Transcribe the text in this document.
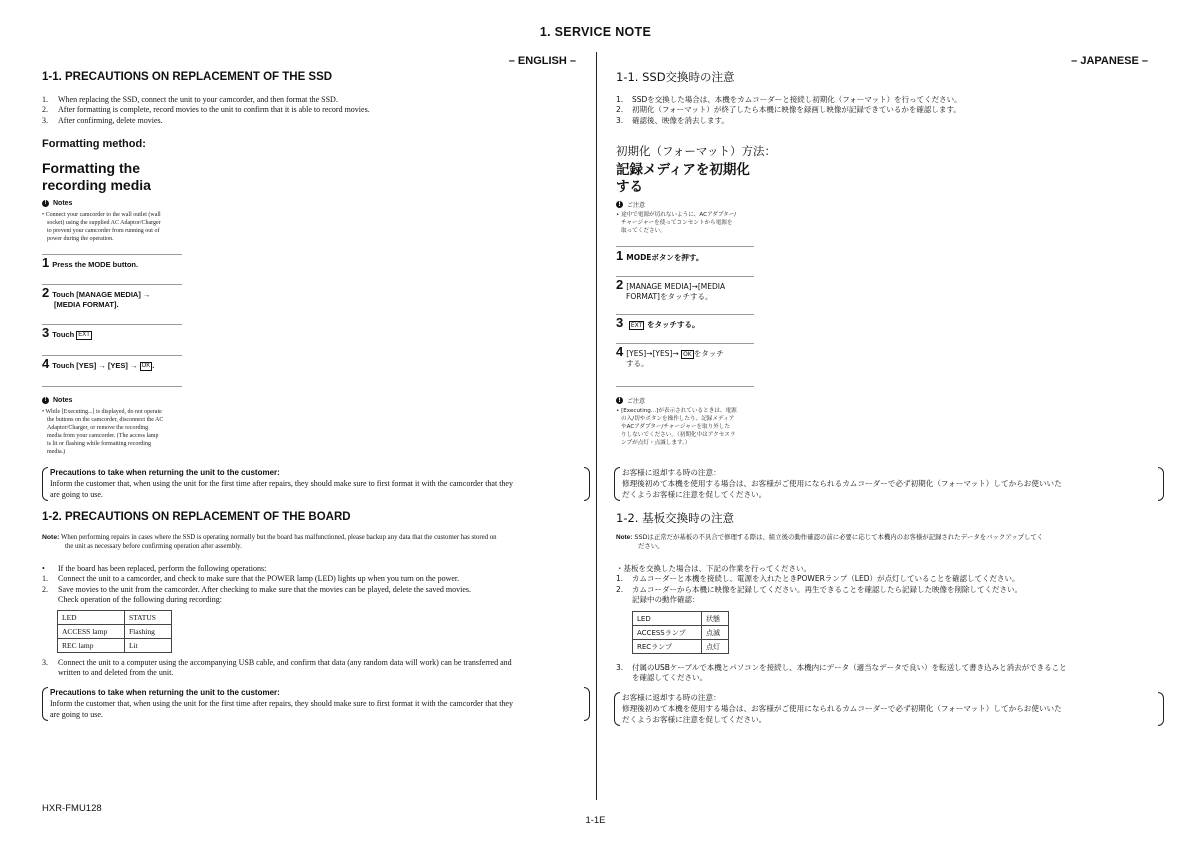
1. SERVICE NOTE
– ENGLISH –
1-1. PRECAUTIONS ON REPLACEMENT OF THE SSD
1.	When replacing the SSD, connect the unit to your camcorder, and then format the SSD.
2.	After formatting is complete, record movies to the unit to confirm that it is able to record movies.
3.	After confirming, delete movies.
Formatting method:
Formatting the
recording media
! Notes
• Connect your camcorder to the wall outlet (wall
socket) using the supplied AC Adaptor/Charger
to prevent your camcorder from running out of
power during the operation.
1 Press the MODE button.
2 Touch [MANAGE MEDIA] →
[MEDIA FORMAT].
3 Touch EXT
4 Touch [YES] → [YES] → OK .
! Notes
• While [Executing...] is displayed, do not operate
the buttons on the camcorder, disconnect the AC
Adaptor/Charger, or remove the recording
media from your camcorder. (The access lamp
is lit or flashing while formatting recording
media.)
Precautions to take when returning the unit to the customer:
Inform the customer that, when using the unit for the first time after repairs, they should make sure to first format it with the camcorder that they
are going to use.
1-2. PRECAUTIONS ON REPLACEMENT OF THE BOARD
Note: When performing repairs in cases where the SSD is operating normally but the board has malfunctioned, please backup any data that the customer has stored on
the unit as necessary before confirming operation after assembly.
•	If the board has been replaced, perform the following operations:
1.	Connect the unit to a camcorder, and check to make sure that the POWER lamp (LED) lights up when you turn on the power.
2.	Save movies to the unit from the camcorder. After checking to make sure that the movies can be played, delete the saved movies.
Check operation of the following during recording:
LED	STATUS
ACCESS lamp	Flashing
REC lamp	Lit
3.	Connect the unit to a computer using the accompanying USB cable, and confirm that data (any random data will work) can be transferred and
written to and deleted from the unit.
Precautions to take when returning the unit to the customer:
Inform the customer that, when using the unit for the first time after repairs, they should make sure to first format it with the camcorder that they
are going to use.
– JAPANESE –
1-1. SSD交換時の注意
1.	SSDを交換した場合は、本機をカムコーダーと接続し初期化（フォーマット）を行ってください。
2.	初期化（フォーマット）が終了したら本機に映像を録画し映像が記録できているかを確認します。
3.	確認後、映像を消去します。
初期化（フォーマット）方法：
記録メディアを初期化
する
!	ご注意
• 途中で電源が切れないように、ACアダプター/
チャージャーを使ってコンセントから電源を
取ってください。
1 MODEボタンを押す。
2 [MANAGE MEDIA]→[MEDIA
FORMAT]をタッチする。
3 EXT をタッチする。
4 [YES]→[YES]→ OK をタッチ
する。
!	ご注意
• [Executing...]が表示されているときは、電源
の入/切やボタンを操作したり、記録メディア
やACアダプター/チャージャーを取り外した
りしないでください。（初期化中はアクセスラ
ンプが点灯・点滅します。）
お客様に返却する時の注意：
修理後初めて本機を使用する場合は、お客様がご使用になられるカムコーダーで必ず初期化（フォーマット）してからお使いいた
だくようお客様に注意を促してください。
1-2. 基板交換時の注意
Note: SSDは正常だが基板の不具合で修理する際は、組立後の動作確認の前に必要に応じて本機内のお客様が記録されたデータをバックアップしてく
ださい。
・基板を交換した場合は、下記の作業を行ってください。
1.	カムコーダーと本機を接続し、電源を入れたときPOWERランプ（LED）が点灯していることを確認してください。
2.	カムコーダーから本機に映像を記録してください。再生できることを確認したら記録した映像を削除してください。
記録中の動作確認：
LED	状態
ACCESSランプ	点滅
RECランプ	点灯
3.	付属のUSBケーブルで本機とパソコンを接続し、本機内にデータ（適当なデータで良い）を転送して書き込みと消去ができること
を確認してください。
お客様に返却する時の注意：
修理後初めて本機を使用する場合は、お客様がご使用になられるカムコーダーで必ず初期化（フォーマット）してからお使いいた
だくようお客様に注意を促してください。
HXR-FMU128
1-1E
